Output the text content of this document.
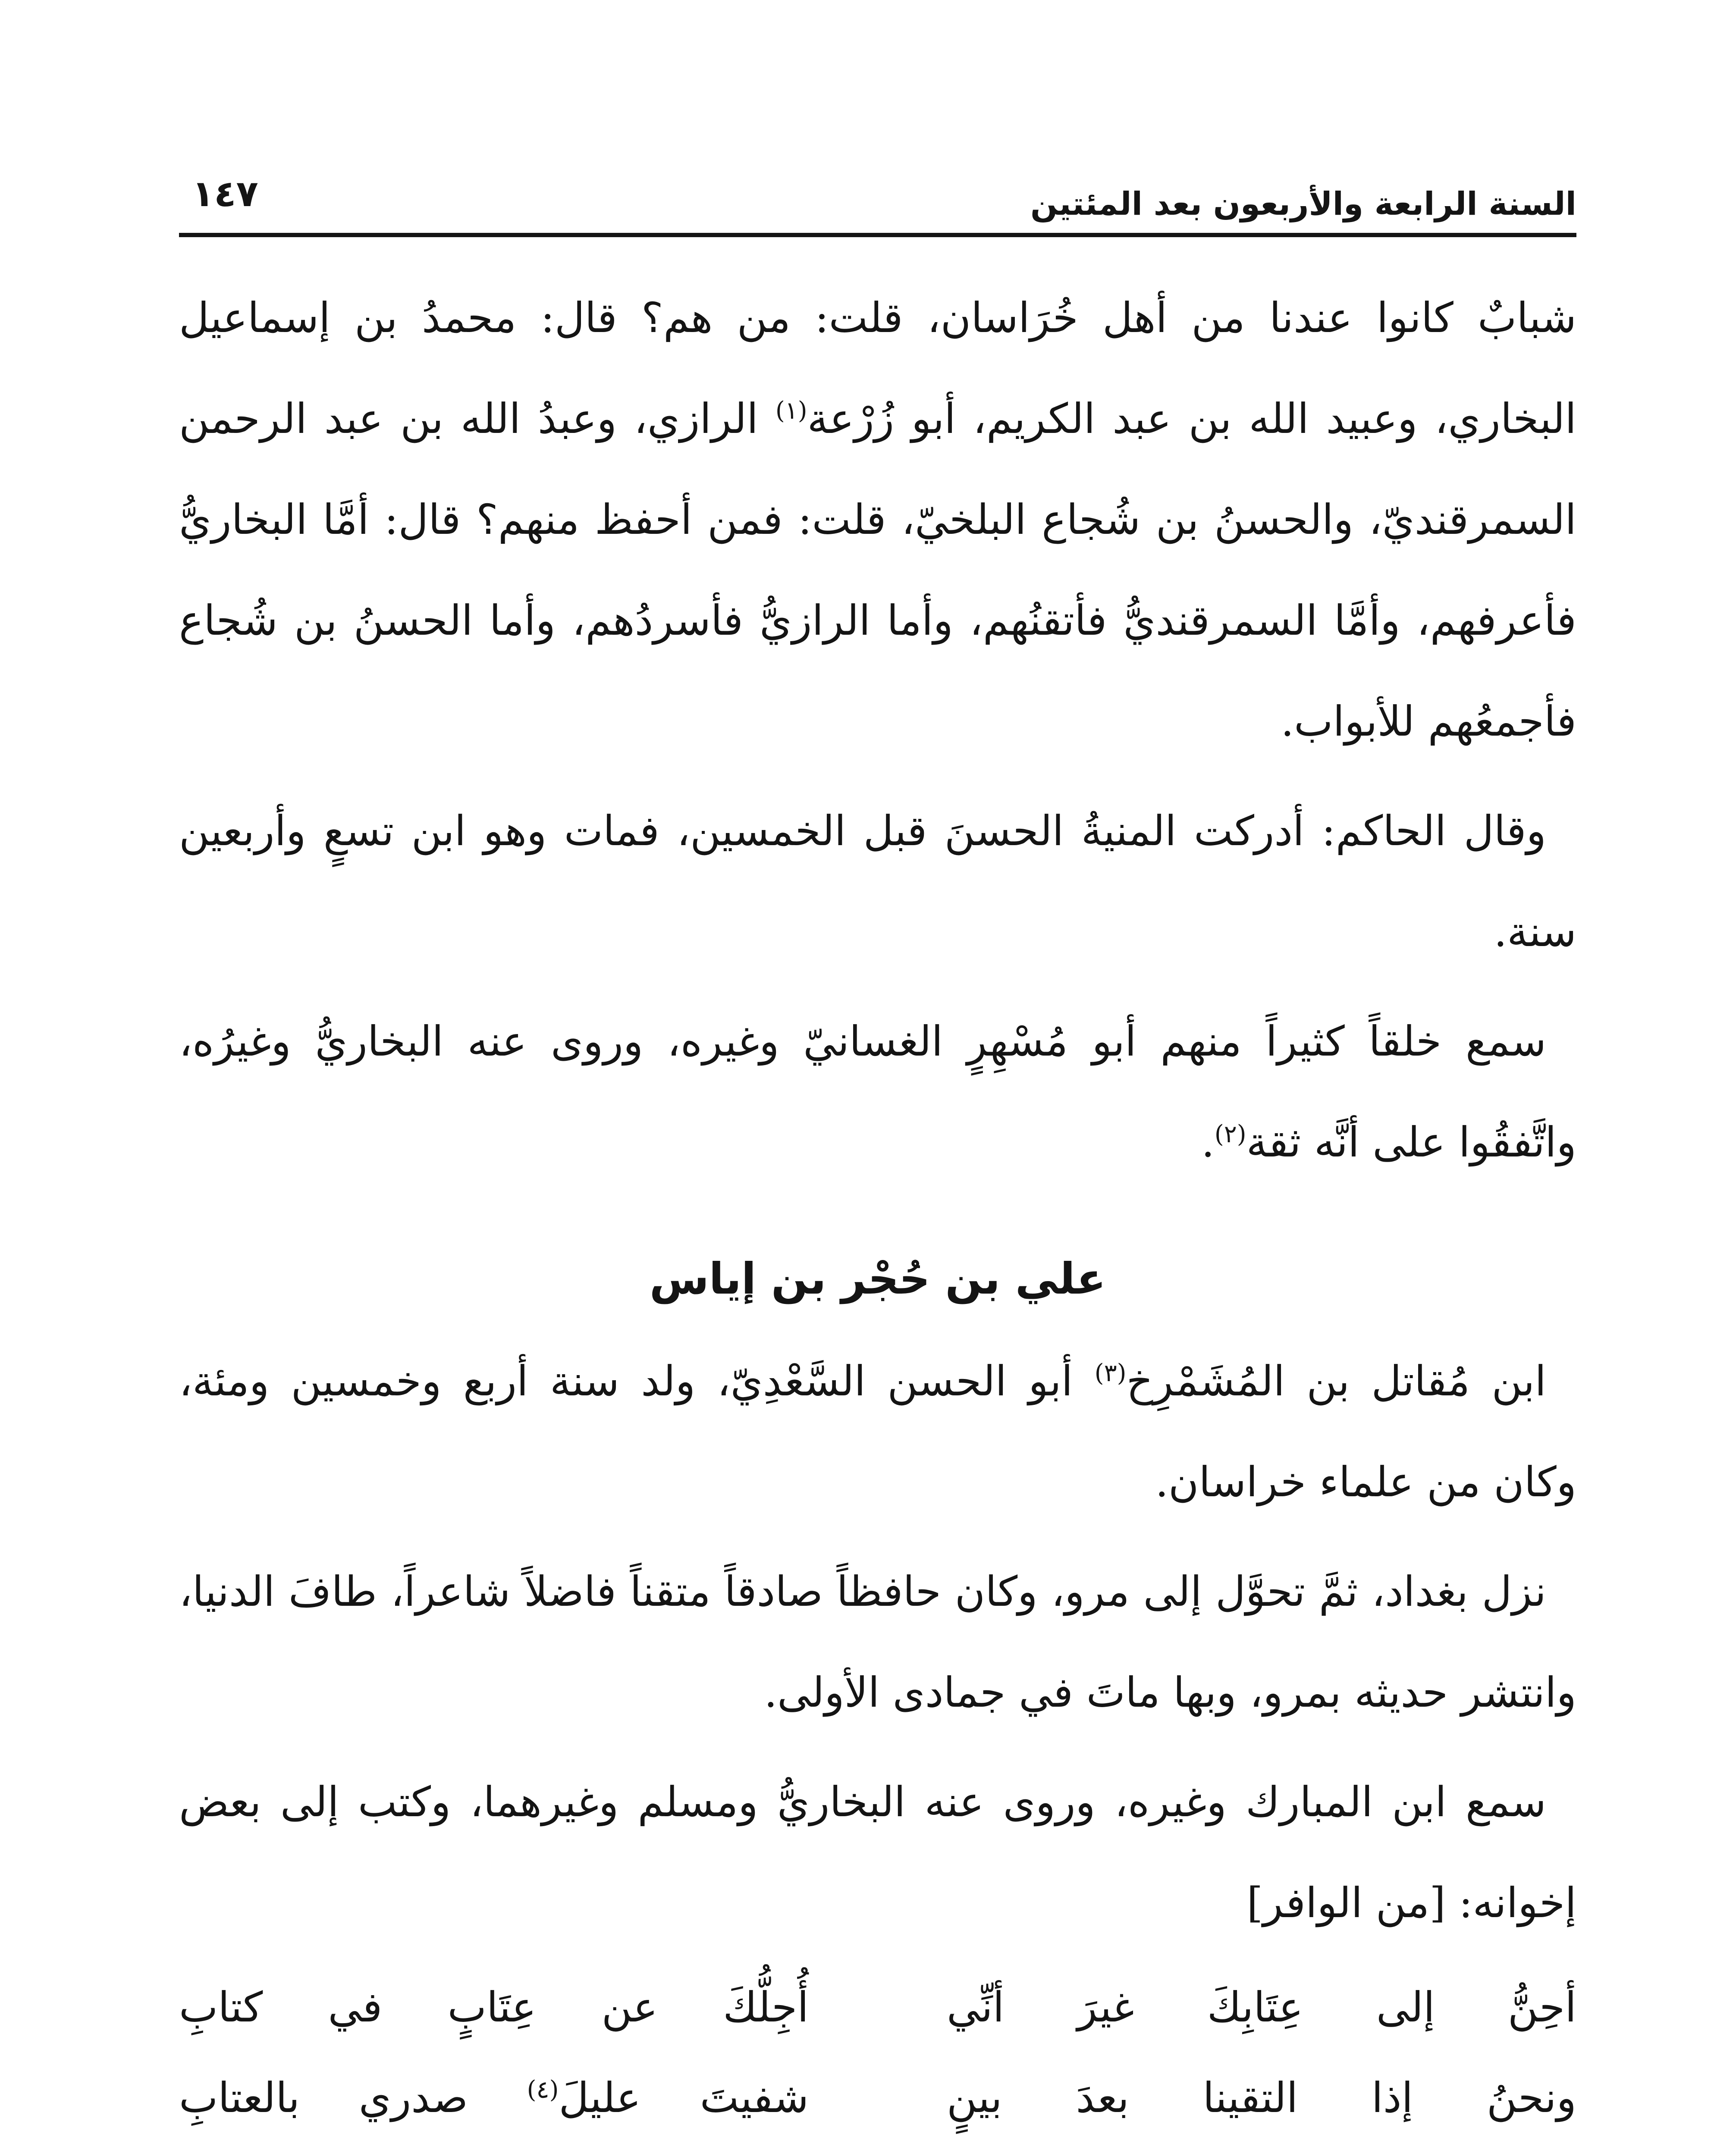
السنة الرابعة والأربعون بعد المئتين
١٤٧

شبابٌ كانوا عندنا من أهل خُرَاسان، قلت: من هم؟ قال: محمدُ بن إسماعيل البخاري، وعبيد الله بن عبد الكريم، أبو زُرْعة$^{(١)}$ الرازي، وعبدُ الله بن عبد الرحمن السمرقنديّ، والحسنُ بن شُجاع البلخيّ، قلت: فمن أحفظ منهم؟ قال: أمَّا البخاريُّ فأعرفهم، وأمَّا السمرقنديُّ فأتقنُهم، وأما الرازيُّ فأسردُهم، وأما الحسنُ بن شُجاع فأجمعُهم للأبواب.

وقال الحاكم: أدركت المنيةُ الحسنَ قبل الخمسين، فمات وهو ابن تسعٍ وأربعين سنة.

سمع خلقاً كثيراً منهم أبو مُسْهِرٍ الغسانيّ وغيره، وروى عنه البخاريُّ وغيرُه، واتَّفقُوا على أنَّه ثقة$^{(٢)}$.

علي بن حُجْر بن إياس

ابن مُقاتل بن المُشَمْرِخ$^{(٣)}$ أبو الحسن السَّعْدِيّ، ولد سنة أربع وخمسين ومئة، وكان من علماء خراسان.

نزل بغداد، ثمَّ تحوَّل إلى مرو، وكان حافظاً صادقاً متقناً فاضلاً شاعراً، طافَ الدنيا، وانتشر حديثه بمرو، وبها ماتَ في جمادى الأولى.

سمع ابن المبارك وغيره، وروى عنه البخاريُّ ومسلم وغيرهما، وكتب إلى بعض إخوانه: [من الوافر]

أحِنُّ إلى عِتَابِكَ غيرَ أنِّي
أُجِلُّكَ عن عِتَابٍ في كتابِ
ونحنُ إذا التقينا بعدَ بينٍ
شفيتَ عليلَ$^{(٤)}$ صدري بالعتابِ
